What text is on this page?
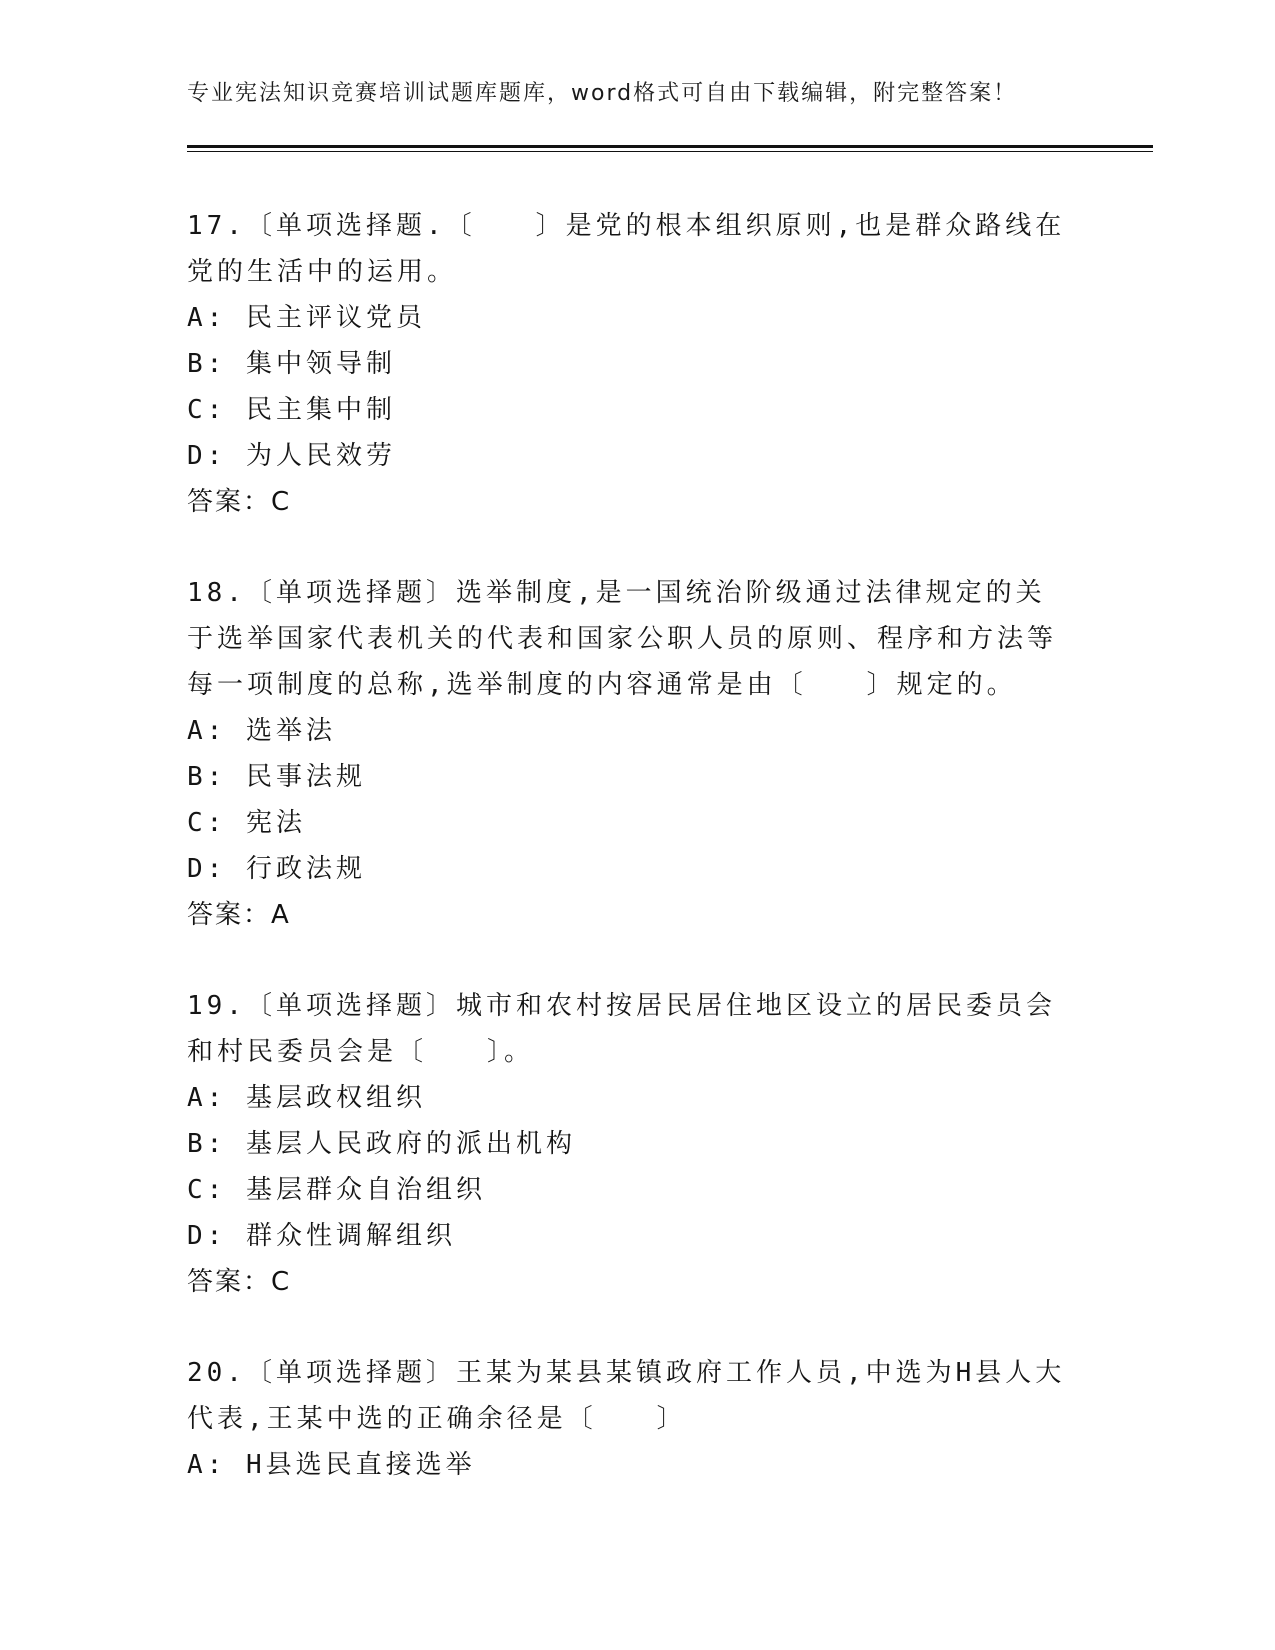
专业宪法知识竞赛培训试题库题库，word格式可自由下载编辑，附完整答案！
17.〔单项选择题.〔　　〕是党的根本组织原则,也是群众路线在党的生活中的运用。
A: 民主评议党员
B: 集中领导制
C: 民主集中制
D: 为人民效劳
答案：C
18.〔单项选择题〕选举制度,是一国统治阶级通过法律规定的关于选举国家代表机关的代表和国家公职人员的原则、程序和方法等每一项制度的总称,选举制度的内容通常是由〔　　〕规定的。
A: 选举法
B: 民事法规
C: 宪法
D: 行政法规
答案：A
19.〔单项选择题〕城市和农村按居民居住地区设立的居民委员会和村民委员会是〔　　〕。
A: 基层政权组织
B: 基层人民政府的派出机构
C: 基层群众自治组织
D: 群众性调解组织
答案：C
20.〔单项选择题〕王某为某县某镇政府工作人员,中选为H县人大代表,王某中选的正确余径是〔　　〕
A: H县选民直接选举
